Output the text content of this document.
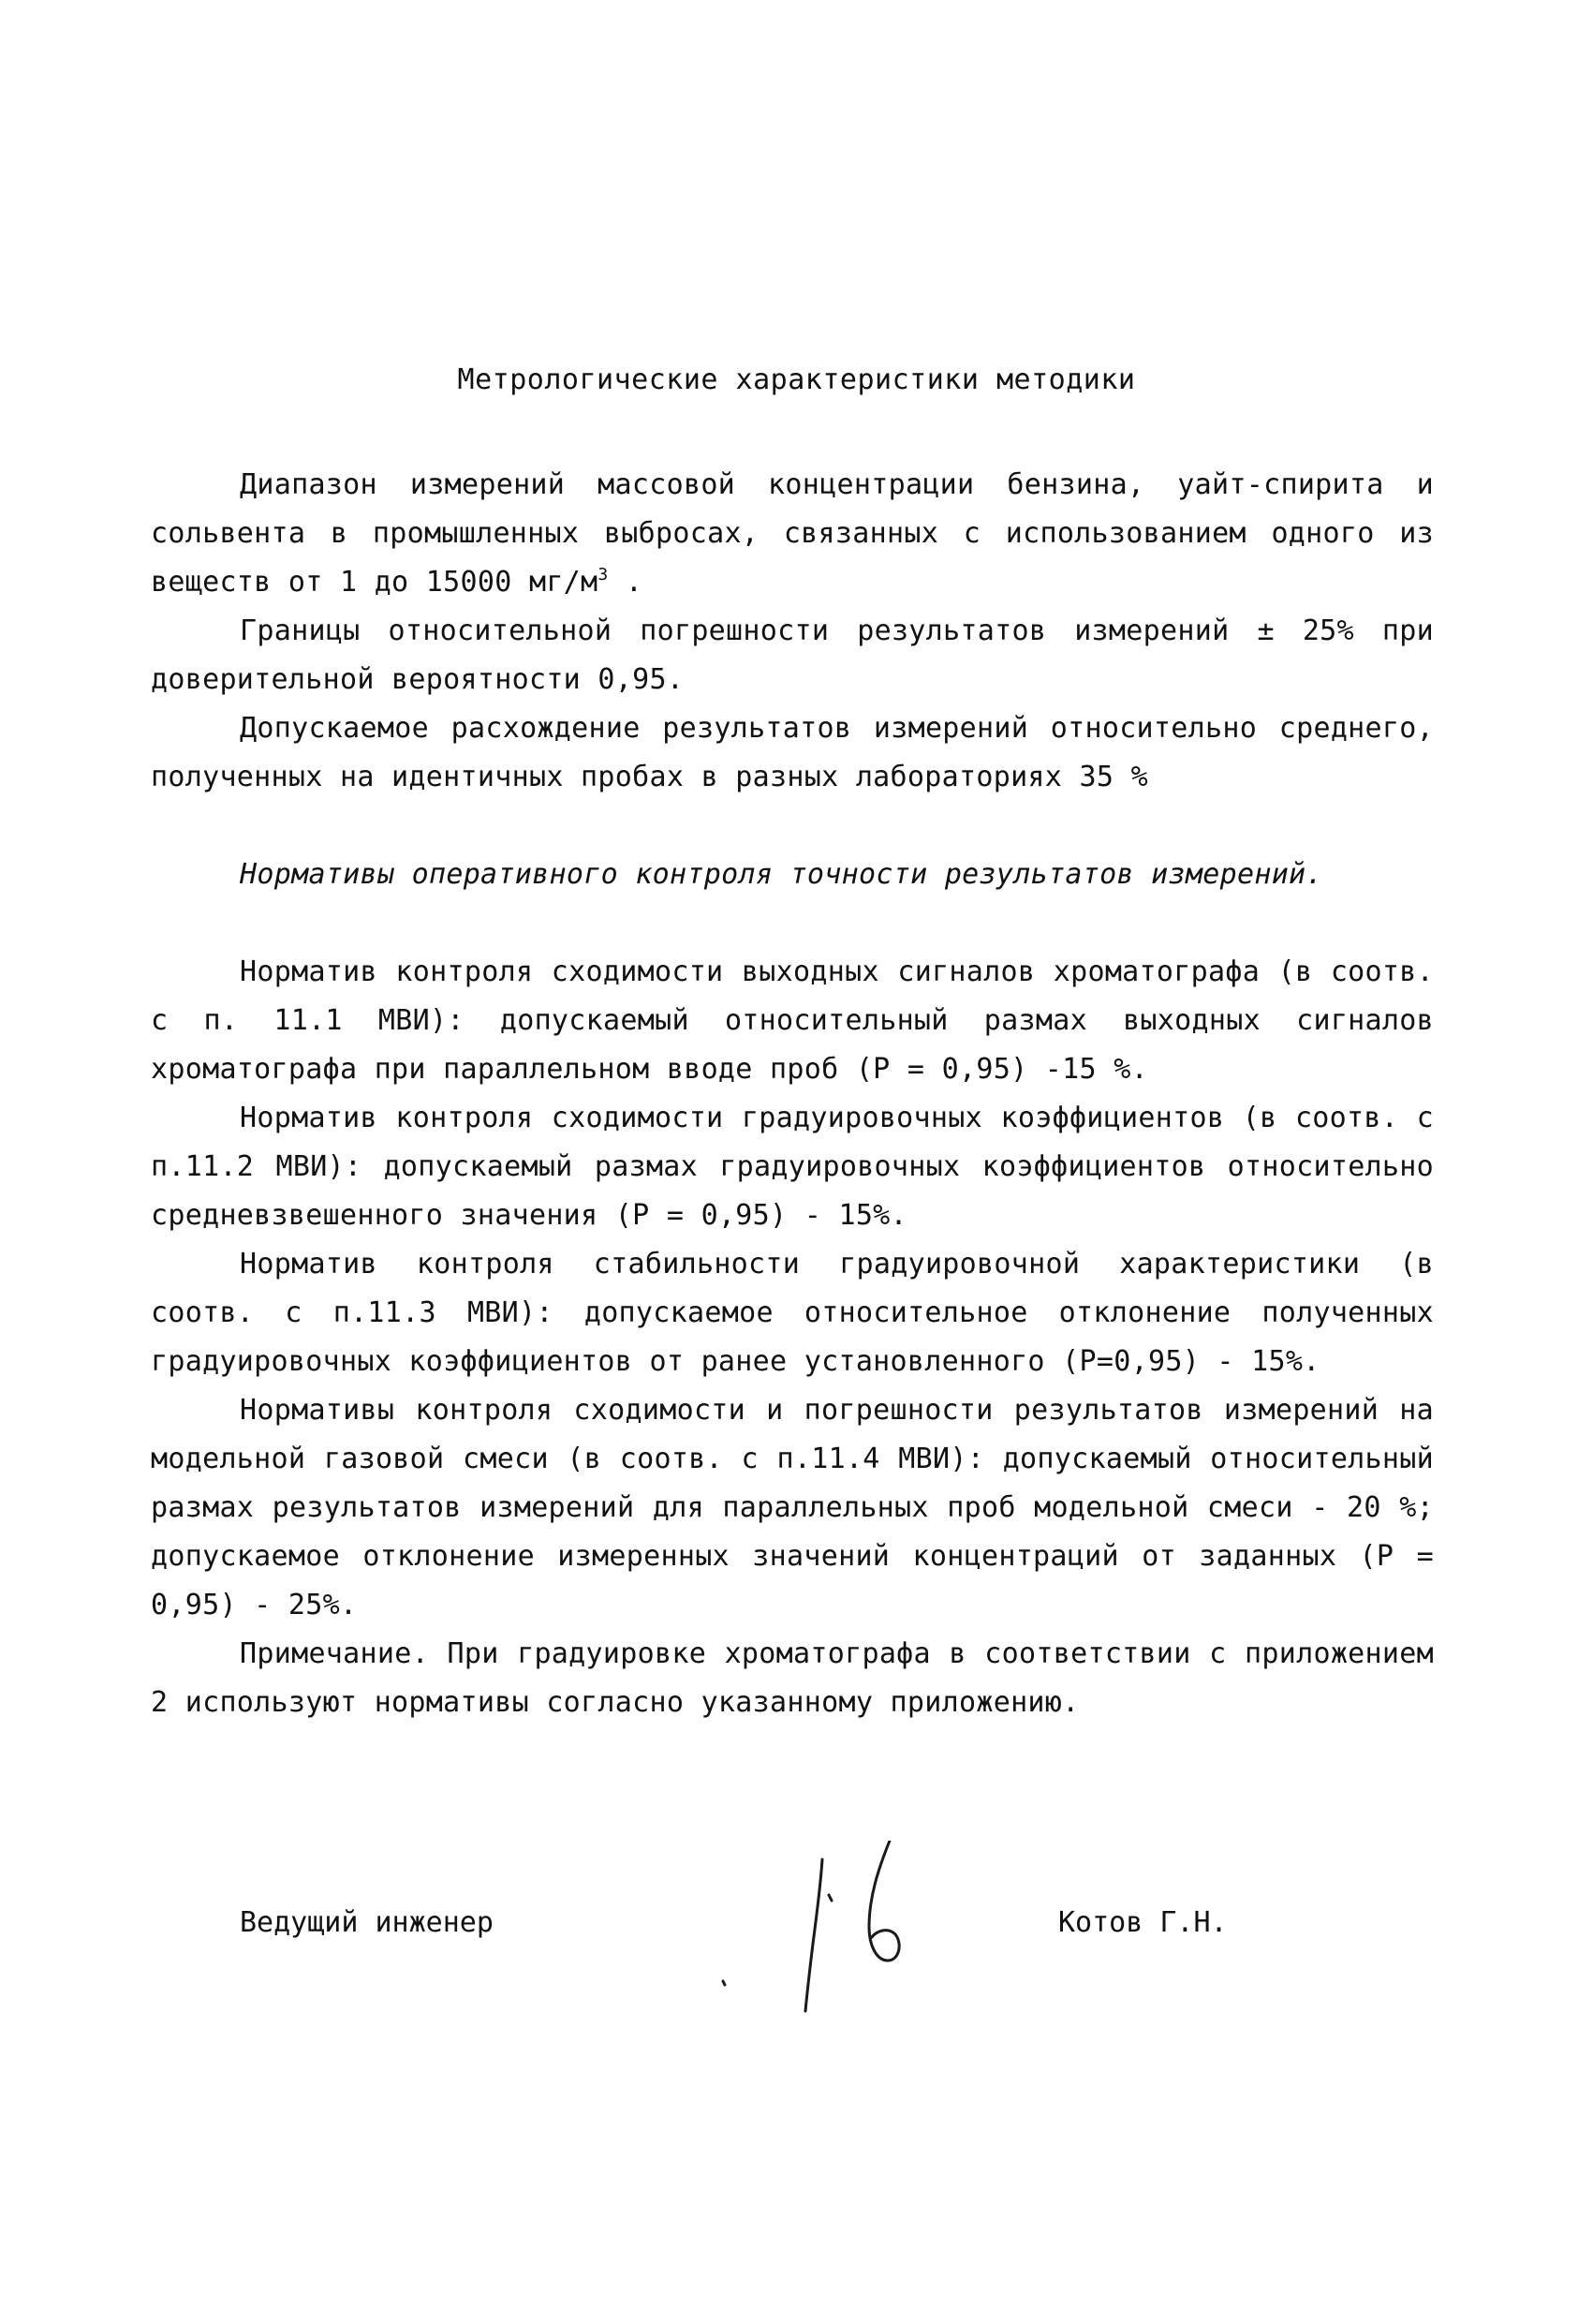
Метрологические характеристики методики

Диапазон измерений массовой концентрации бензина, уайт-спирита и сольвента в промышленных выбросах, связанных с использованием одного из веществ от 1 до 15000 $мг/м^3$ .

Границы относительной погрешности результатов измерений ± 25% при доверительной вероятности 0,95.

Допускаемое расхождение результатов измерений относительно среднего, полученных на идентичных пробах в разных лабораториях 35 %

Нормативы оперативного контроля точности результатов измерений.

Норматив контроля сходимости выходных сигналов хроматографа (в соотв. с п. 11.1 МВИ): допускаемый относительный размах выходных сигналов хроматографа при параллельном вводе проб (P = 0,95) -15 %.

Норматив контроля сходимости градуировочных коэффициентов (в соотв. с п.11.2 МВИ): допускаемый размах градуировочных коэффициентов относительно средневзвешенного значения (P = 0,95) - 15%.

Норматив контроля стабильности градуировочной характеристики (в соотв. с п.11.3 МВИ): допускаемое относительное отклонение полученных градуировочных коэффициентов от ранее установленного (P=0,95) - 15%.

Нормативы контроля сходимости и погрешности результатов измерений на модельной газовой смеси (в соотв. с п.11.4 МВИ): допускаемый относительный размах результатов измерений для параллельных проб модельной смеси - 20 %; допускаемое отклонение измеренных значений концентраций от заданных (P = 0,95) - 25%.

Примечание. При градуировке хроматографа в соответствии с приложением 2 используют нормативы согласно указанному приложению.

Ведущий инженер	Котов Г.Н.
